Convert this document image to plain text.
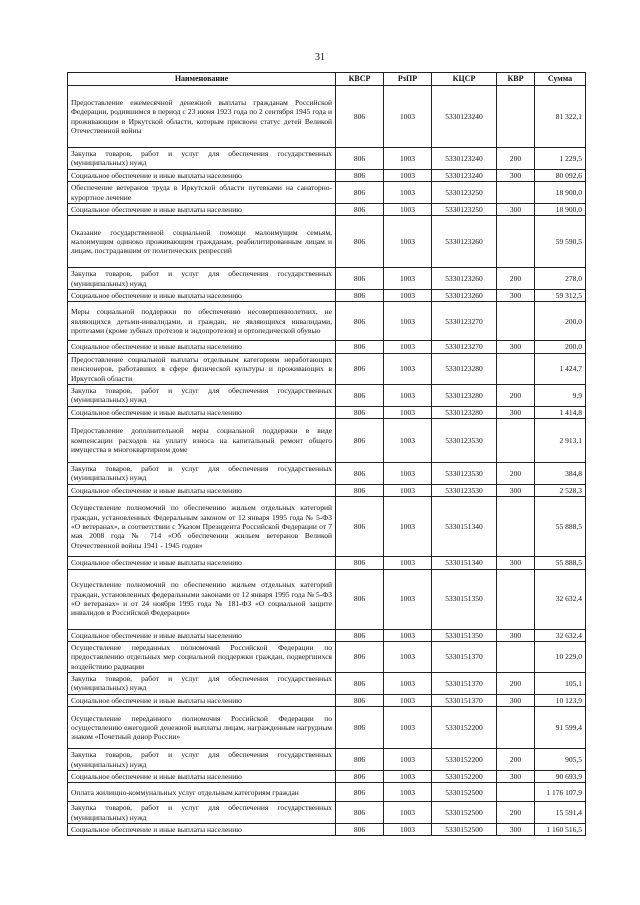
31
Наименование	КВСР	РзПР	КЦСР	КВР	Сумма
Предоставление ежемесячной денежной выплаты гражданам Российской Федерации, родившимся в период с 23 июня 1923 года по 2 сентября 1945 года и проживающим в Иркутской области, которым присвоен статус детей Великой Отечественной войны	806	1003	5330123240		81 322,1
Закупка товаров, работ и услуг для обеспечения государственных (муниципальных) нужд	806	1003	5330123240	200	1 229,5
Социальное обеспечение и иные выплаты населению	806	1003	5330123240	300	80 092,6
Обеспечение ветеранов труда в Иркутской области путевками на санаторно-курортное лечение	806	1003	5330123250		18 900,0
Социальное обеспечение и иные выплаты населению	806	1003	5330123250	300	18 900,0
Оказание государственной социальной помощи малоимущим семьям, малоимущим одиноко проживающим гражданам, реабилитированным лицам и лицам, пострадавшим от политических репрессий	806	1003	5330123260		59 590,5
Закупка товаров, работ и услуг для обеспечения государственных (муниципальных) нужд	806	1003	5330123260	200	278,0
Социальное обеспечение и иные выплаты населению	806	1003	5330123260	300	59 312,5
Меры социальной поддержки по обеспечению несовершеннолетних, не являющихся детьми-инвалидами, и граждан, не являющихся инвалидами, протезами (кроме зубных протезов и эндопротезов) и ортопедической обувью	806	1003	5330123270		200,0
Социальное обеспечение и иные выплаты населению	806	1003	5330123270	300	200,0
Предоставление социальной выплаты отдельным категориям неработающих пенсионеров, работавших в сфере физической культуры и проживающих в Иркутской области	806	1003	5330123280		1 424,7
Закупка товаров, работ и услуг для обеспечения государственных (муниципальных) нужд	806	1003	5330123280	200	9,9
Социальное обеспечение и иные выплаты населению	806	1003	5330123280	300	1 414,8
Предоставление дополнительной меры социальной поддержки в виде компенсации расходов на уплату взноса на капитальный ремонт общего имущества в многоквартирном доме	806	1003	5330123530		2 913,1
Закупка товаров, работ и услуг для обеспечения государственных (муниципальных) нужд	806	1003	5330123530	200	384,8
Социальное обеспечение и иные выплаты населению	806	1003	5330123530	300	2 528,3
Осуществление полномочий по обеспечению жильем отдельных категорий граждан, установленных Федеральным законом от 12 января 1995 года № 5-ФЗ «О ветеранах», в соответствии с Указом Президента Российской Федерации от 7 мая 2008 года № 714 «Об обеспечении жильем ветеранов Великой Отечественной войны 1941 - 1945 годов»	806	1003	5330151340		55 888,5
Социальное обеспечение и иные выплаты населению	806	1003	5330151340	300	55 888,5
Осуществление полномочий по обеспечению жильем отдельных категорий граждан, установленных федеральными законами от 12 января 1995 года № 5-ФЗ «О ветеранах» и от 24 ноября 1995 года № 181-ФЗ «О социальной защите инвалидов в Российской Федерации»	806	1003	5330151350		32 632,4
Социальное обеспечение и иные выплаты населению	806	1003	5330151350	300	32 632,4
Осуществление переданных полномочий Российской Федерации по предоставлению отдельных мер социальной поддержки граждан, подвергшихся воздействию радиации	806	1003	5330151370		10 229,0
Закупка товаров, работ и услуг для обеспечения государственных (муниципальных) нужд	806	1003	5330151370	200	105,1
Социальное обеспечение и иные выплаты населению	806	1003	5330151370	300	10 123,9
Осуществление переданного полномочия Российской Федерации по осуществлению ежегодной денежной выплаты лицам, награжденным нагрудным знаком «Почетный донор России»	806	1003	5330152200		91 599,4
Закупка товаров, работ и услуг для обеспечения государственных (муниципальных) нужд	806	1003	5330152200	200	905,5
Социальное обеспечение и иные выплаты населению	806	1003	5330152200	300	90 693,9
Оплата жилищно-коммунальных услуг отдельным категориям граждан	806	1003	5330152500		1 176 107,9
Закупка товаров, работ и услуг для обеспечения государственных (муниципальных) нужд	806	1003	5330152500	200	15 591,4
Социальное обеспечение и иные выплаты населению	806	1003	5330152500	300	1 160 516,5
